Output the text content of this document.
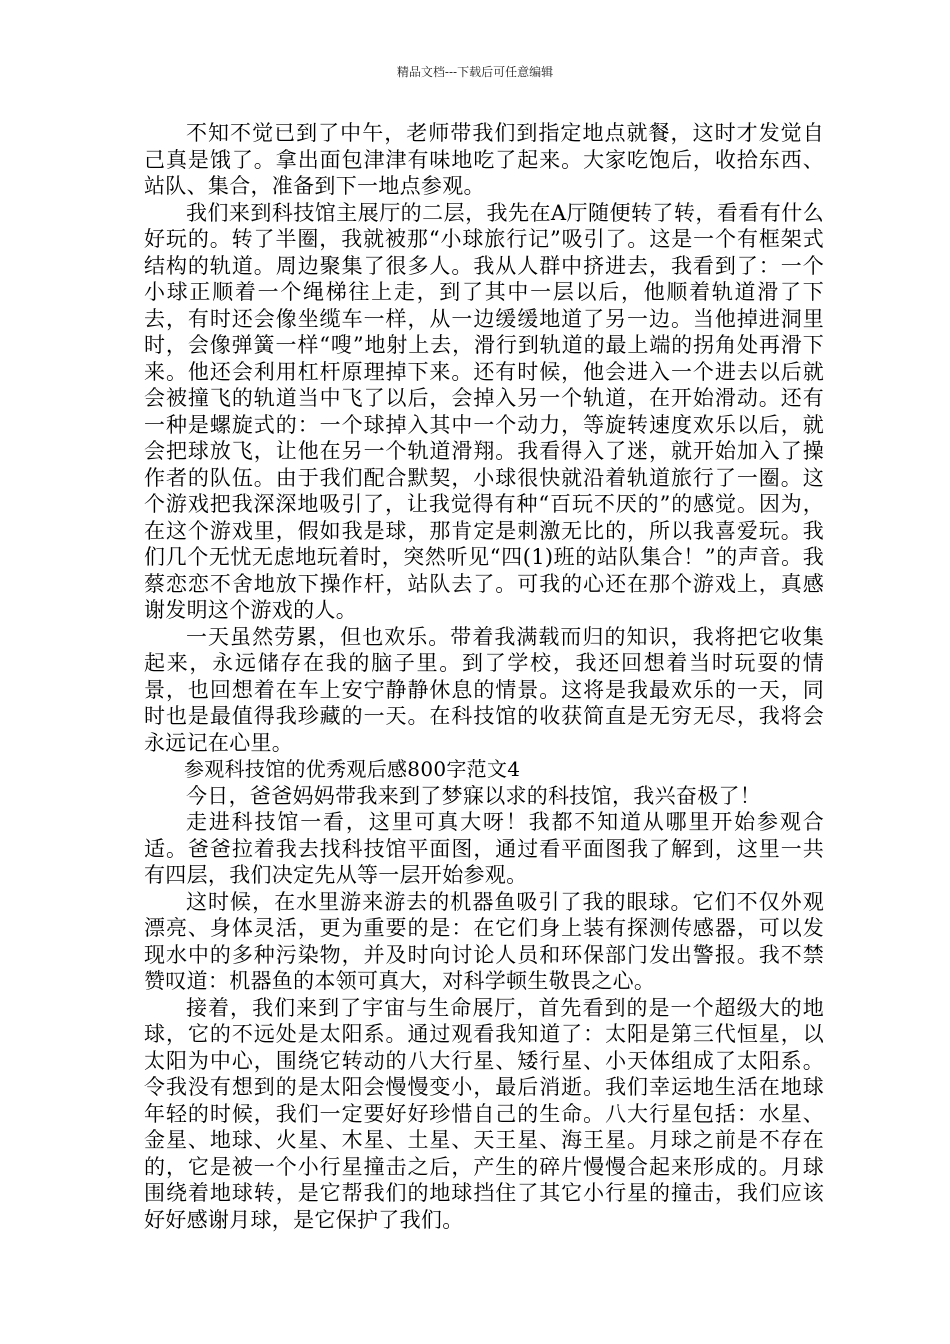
精品文档---下载后可任意编辑

不知不觉已到了中午，老师带我们到指定地点就餐，这时才发觉自己真是饿了。拿出面包津津有味地吃了起来。大家吃饱后，收拾东西、站队、集合，准备到下一地点参观。

我们来到科技馆主展厅的二层，我先在A厅随便转了转，看看有什么好玩的。转了半圈，我就被那“小球旅行记”吸引了。这是一个有框架式结构的轨道。周边聚集了很多人。我从人群中挤进去，我看到了：一个小球正顺着一个绳梯往上走，到了其中一层以后，他顺着轨道滑了下去，有时还会像坐缆车一样，从一边缓缓地道了另一边。当他掉进洞里时，会像弹簧一样“嗖”地射上去，滑行到轨道的最上端的拐角处再滑下来。他还会利用杠杆原理掉下来。还有时候，他会进入一个进去以后就会被撞飞的轨道当中飞了以后，会掉入另一个轨道，在开始滑动。还有一种是螺旋式的：一个球掉入其中一个动力，等旋转速度欢乐以后，就会把球放飞，让他在另一个轨道滑翔。我看得入了迷，就开始加入了操作者的队伍。由于我们配合默契，小球很快就沿着轨道旅行了一圈。这个游戏把我深深地吸引了，让我觉得有种“百玩不厌的”的感觉。因为，在这个游戏里，假如我是球，那肯定是刺激无比的，所以我喜爱玩。我们几个无忧无虑地玩着时，突然听见“四(1)班的站队集合！”的声音。我蔡恋恋不舍地放下操作杆，站队去了。可我的心还在那个游戏上，真感谢发明这个游戏的人。

一天虽然劳累，但也欢乐。带着我满载而归的知识，我将把它收集起来，永远储存在我的脑子里。到了学校，我还回想着当时玩耍的情景，也回想着在车上安宁静静休息的情景。这将是我最欢乐的一天，同时也是最值得我珍藏的一天。在科技馆的收获简直是无穷无尽，我将会永远记在心里。

参观科技馆的优秀观后感800字范文4

今日，爸爸妈妈带我来到了梦寐以求的科技馆，我兴奋极了！

走进科技馆一看，这里可真大呀！我都不知道从哪里开始参观合适。爸爸拉着我去找科技馆平面图，通过看平面图我了解到，这里一共有四层，我们决定先从等一层开始参观。

这时候，在水里游来游去的机器鱼吸引了我的眼球。它们不仅外观漂亮、身体灵活，更为重要的是：在它们身上装有探测传感器，可以发现水中的多种污染物，并及时向讨论人员和环保部门发出警报。我不禁赞叹道：机器鱼的本领可真大，对科学顿生敬畏之心。

接着，我们来到了宇宙与生命展厅，首先看到的是一个超级大的地球，它的不远处是太阳系。通过观看我知道了：太阳是第三代恒星，以太阳为中心，围绕它转动的八大行星、矮行星、小天体组成了太阳系。令我没有想到的是太阳会慢慢变小，最后消逝。我们幸运地生活在地球年轻的时候，我们一定要好好珍惜自己的生命。八大行星包括：水星、金星、地球、火星、木星、土星、天王星、海王星。月球之前是不存在的，它是被一个小行星撞击之后，产生的碎片慢慢合起来形成的。月球围绕着地球转，是它帮我们的地球挡住了其它小行星的撞击，我们应该好好感谢月球，是它保护了我们。
